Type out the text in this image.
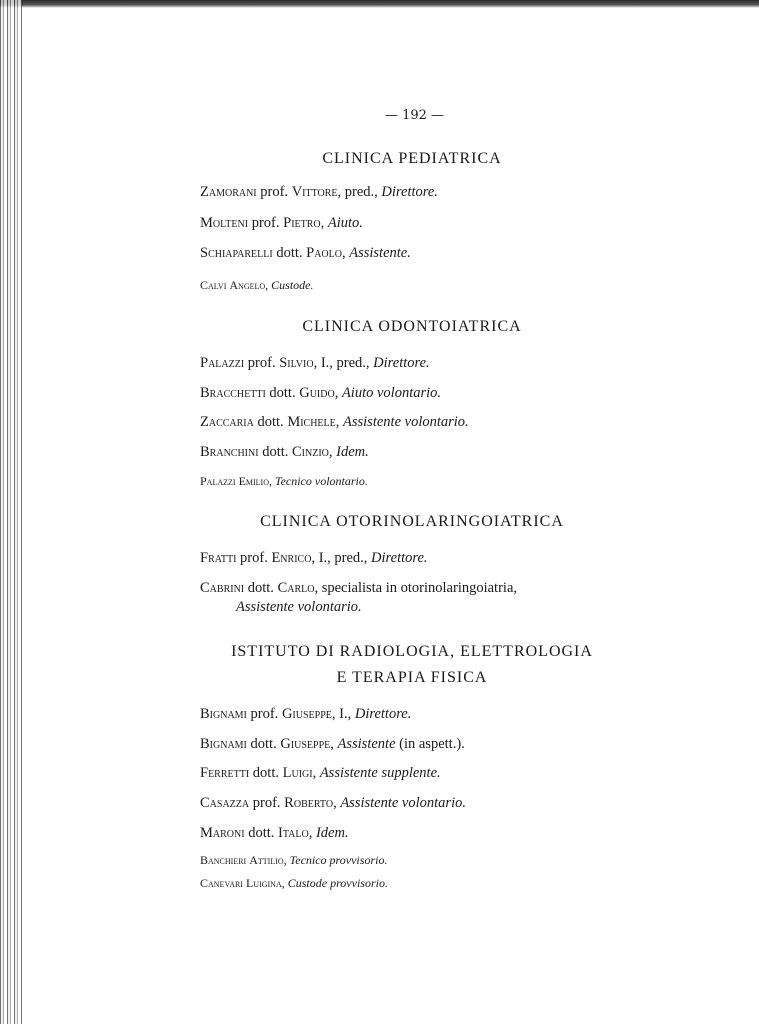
— 192 —
CLINICA PEDIATRICA
Zamorani prof. Vittore, pred., Direttore.
Molteni prof. Pietro, Aiuto.
Schiaparelli dott. Paolo, Assistente.
Calvi Angelo, Custode.
CLINICA ODONTOIATRICA
Palazzi prof. Silvio, I., pred., Direttore.
Bracchetti dott. Guido, Aiuto volontario.
Zaccaria dott. Michele, Assistente volontario.
Branchini dott. Cinzio, Idem.
Palazzi Emilio, Tecnico volontario.
CLINICA OTORINOLARINGOIATRICA
Fratti prof. Enrico, I., pred., Direttore.
Cabrini dott. Carlo, specialista in otorinolaringoiatria,
Assistente volontario.
ISTITUTO DI RADIOLOGIA, ELETTROLOGIA
E TERAPIA FISICA
Bignami prof. Giuseppe, I., Direttore.
Bignami dott. Giuseppe, Assistente (in aspett.).
Ferretti dott. Luigi, Assistente supplente.
Casazza prof. Roberto, Assistente volontario.
Maroni dott. Italo, Idem.
Banchieri Attilio, Tecnico provvisorio.
Canevari Luigina, Custode provvisorio.
